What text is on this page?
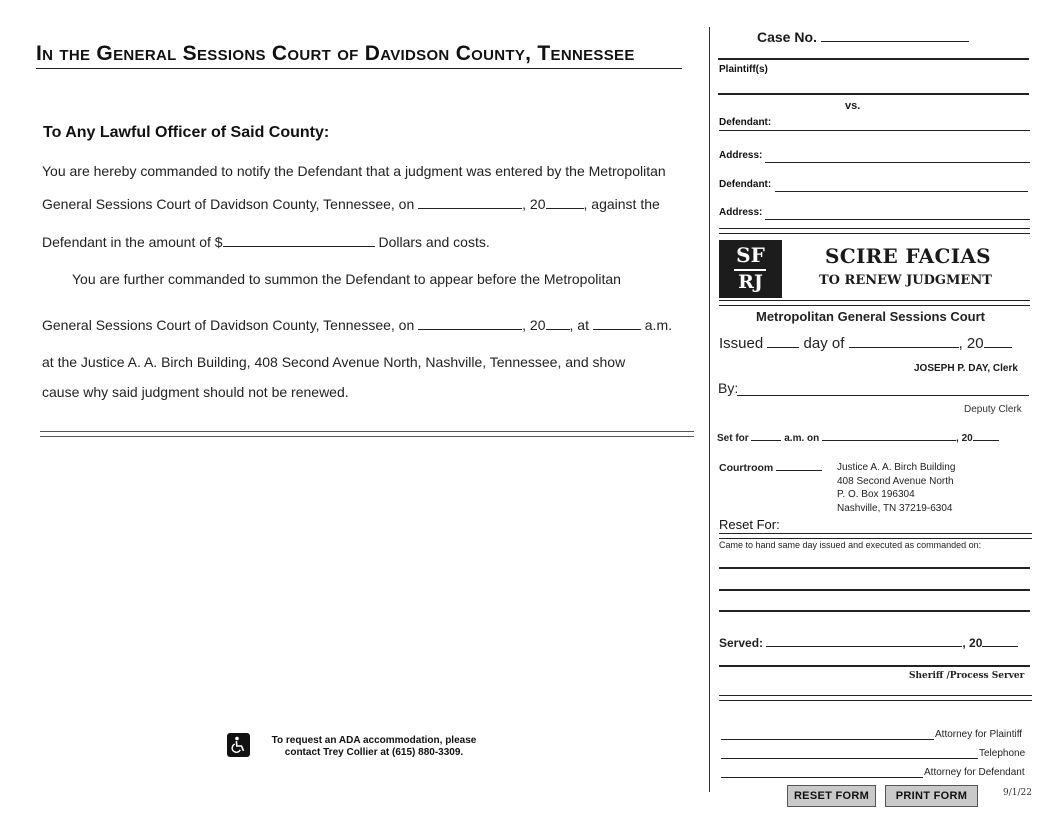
In the General Sessions Court of Davidson County, Tennessee
To Any Lawful Officer of Said County:
You are hereby commanded to notify the Defendant that a judgment was entered by the Metropolitan
General Sessions Court of Davidson County, Tennessee, on	, 20	, against the
Defendant in the amount of $	Dollars and costs.
You are further commanded to summon the Defendant to appear before the Metropolitan
General Sessions Court of Davidson County, Tennessee, on	, 20 , at	a.m.
at the Justice A. A. Birch Building, 408 Second Avenue North, Nashville, Tennessee, and show
cause why said judgment should not be renewed.
To request an ADA accommodation, please contact Trey Collier at (615) 880-3309.
Case No.
Plaintiff(s)
vs.
Defendant:
Address:
Defendant:
Address:
SF
RJ
SCIRE FACIAS
TO RENEW JUDGMENT
Metropolitan General Sessions Court
Issued	day of	, 20
JOSEPH P. DAY, Clerk
By:
Deputy Clerk
Set for	a.m. on	, 20
Courtroom	Justice A. A. Birch Building
408 Second Avenue North
P. O. Box 196304
Nashville, TN 37219-6304
Reset For:
Came to hand same day issued and executed as commanded on:
Served:	, 20
Sheriff /Process Server
Attorney for Plaintiff
Telephone
Attorney for Defendant
RESET FORM	PRINT FORM	9/1/22
